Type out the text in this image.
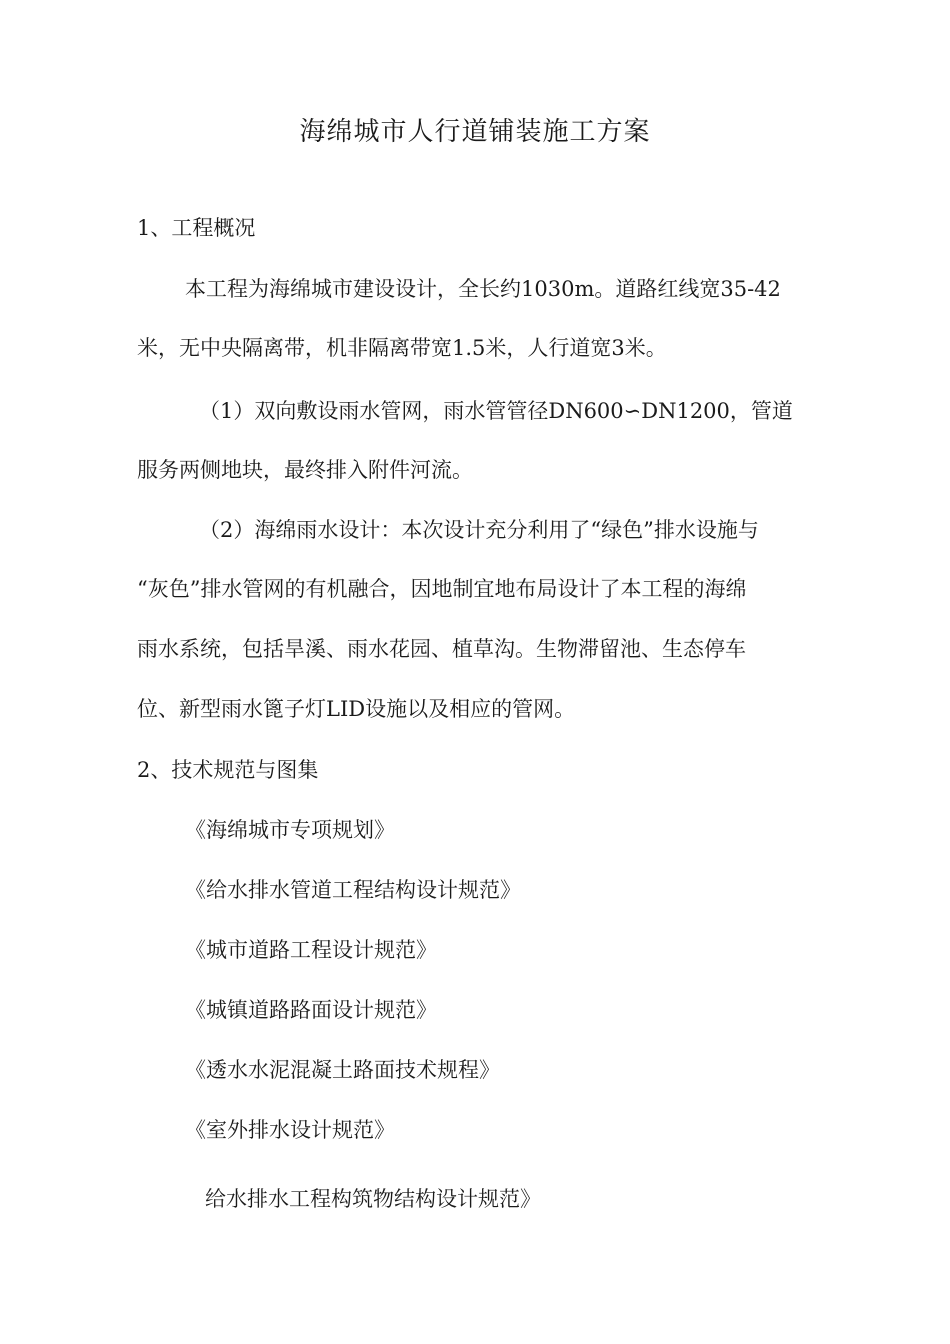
海绵城市人行道铺装施工方案
1、工程概况
本工程为海绵城市建设设计，全长约1030m。道路红线宽35-42
米，无中央隔离带，机非隔离带宽1.5米，人行道宽3米。
（1）双向敷设雨水管网，雨水管管径DN600∽DN1200，管道
服务两侧地块，最终排入附件河流。
（2）海绵雨水设计：本次设计充分利用了“绿色”排水设施与
“灰色”排水管网的有机融合，因地制宜地布局设计了本工程的海绵
雨水系统，包括旱溪、雨水花园、植草沟。生物滞留池、生态停车
位、新型雨水篦子灯LID设施以及相应的管网。
2、技术规范与图集
《海绵城市专项规划》
《给水排水管道工程结构设计规范》
《城市道路工程设计规范》
《城镇道路路面设计规范》
《透水水泥混凝土路面技术规程》
《室外排水设计规范》
给水排水工程构筑物结构设计规范》
